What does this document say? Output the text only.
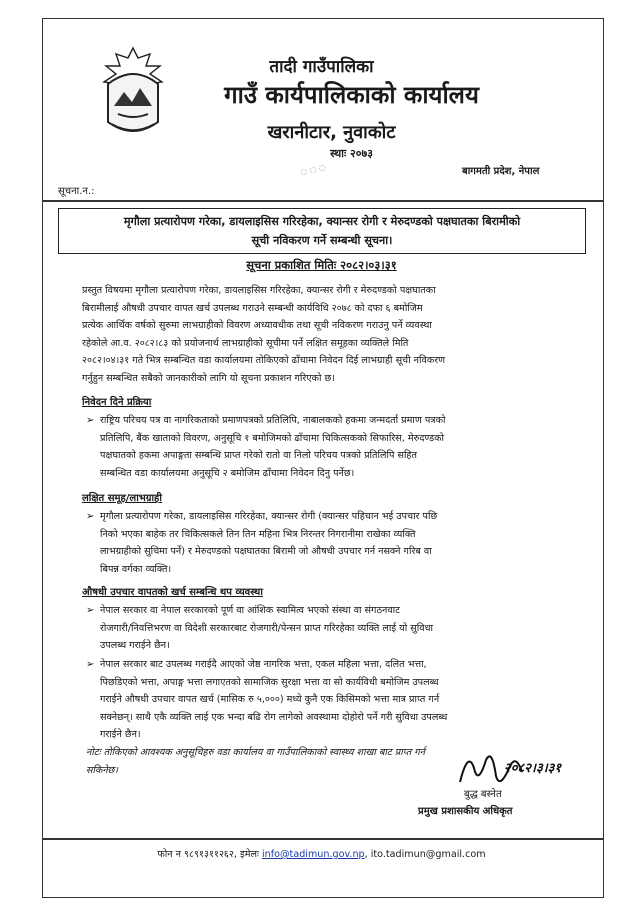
तादी गाउँपालिका
गाउँ कार्यपालिकाको कार्यालय
खरानीटार, नुवाकोट
स्थाः २०७३
बागमती प्रदेश, नेपाल
सूचना.न.:
◌ ◌ ◌
मृगौला प्रत्यारोपण गरेका, डायलाइसिस गरिरहेका, क्यान्सर रोगी र मेरुदण्डको पक्षघातका बिरामीको
सूची नविकरण गर्ने सम्बन्धी सूचना।
सूचना प्रकाशित मितिः २०८२।०३।३१
प्रस्तुत विषयमा मृगौला प्रत्यारोपण गरेका, डायलाइसिस गरिरहेका, क्यान्सर रोगी र मेरुदण्डको पक्षघातका
बिरामीलाई औषधी उपचार वापत खर्च उपलब्ध गराउने सम्बन्धी कार्यविधि २०७८ को दफा ६ बमोजिम
प्रत्येक आर्थिक वर्षको सुरुमा लाभग्राहीको विवरण अध्यावधीक तथा सूची नविकरण गराउनु पर्ने व्यवस्था
रहेकोले आ.व. २०८२।८३ को प्रयोजनार्थ लाभग्राहीको सूचीमा पर्ने लक्षित समूहका व्यक्तिले मिति
२०८२।०४।३१ गते भित्र सम्बन्धित वडा कार्यालयमा तोकिएको ढाँचामा निवेदन दिई लाभग्राही सूची नविकरण
गर्नुहुन सम्बन्धित सबैको जानकारीको लागि यो सूचना प्रकाशन गरिएको छ।
निवेदन दिने प्रक्रिया
➢ राष्ट्रिय परिचय पत्र वा नागरिकताको प्रमाणपत्रको प्रतिलिपि, नाबालकको हकमा जन्मदर्ता प्रमाण पत्रको
प्रतिलिपि, बैंक खाताको विवरण, अनुसूचि १ बमोजिमको ढाँचामा चिकित्सकको सिफारिस, मेरुदण्डको
पक्षघातको हकमा अपाङ्गता सम्बन्धि प्राप्त गरेको रातो वा निलो परिचय पत्रको प्रतिलिपि सहित
सम्बन्धित वडा कार्यालयमा अनुसूचि २ बमोजिम ढाँचामा निवेदन दिनु पर्नेछ।
लक्षित समूह/लाभग्राही
➢ मृगौला प्रत्यारोपण गरेका, डायलाइसिस गरिरहेका, क्यान्सर रोगी (क्यान्सर पहिचान भई उपचार पछि
निको भएका बाहेक तर चिकित्सकले तिन तिन महिना भित्र निरन्तर निगरानीमा राखेका व्यक्ति
लाभग्राहीको सुचिमा पर्ने) र मेरुदण्डको पक्षघातका बिरामी जो औषधी उपचार गर्न नसक्ने गरिब वा
बिपन्न वर्गका व्यक्ति।
औषधी उपचार वापतको खर्च सम्बन्धि थप व्यवस्था
➢ नेपाल सरकार वा नेपाल सरकारको पूर्ण वा आंशिक स्वामित्व भएको संस्था वा संगठनवाट
रोजगारी/निवत्तिभरण वा विदेशी सरकारबाट रोजगारी/पेन्सन प्राप्त गरिरहेका व्यक्ति लाई यो सुविधा
उपलब्ध गराईने छैन।
➢ नेपाल सरकार बाट उपलब्ध गराईदै आएको जेष्ठ नागरिक भत्ता, एकल महिला भत्ता, दलित भत्ता,
पिछडिएको भत्ता, अपाङ्ग भत्ता लगाएतको सामाजिक सुरक्षा भत्ता वा सो कार्यविधी बमोजिम उपलब्ध
गराईने औषधी उपचार वापत खर्च (मासिक रु ५,०००) मध्ये कुनै एक किसिमको भत्ता मात्र प्राप्त गर्न
सक्नेछन्। साथै एकै व्यक्ति लाई एक भन्दा बढि रोग लागेको अवस्थामा दोहोरो पर्ने गरी सुविधा उपलब्ध
गराईने छैन।
नोटः तोकिएको आवश्यक अनुसूचिहरु वडा कार्यालय वा गाउँपालिकाको स्वास्थ्य शाखा बाट प्राप्त गर्न
सकिनेछ।	२०८२।३।३१
बुद्ध बस्नेत
प्रमुख प्रशासकीय अधिकृत
फोन न ९८९१३११२६२, इमेलः info@tadimun.gov.np, ito.tadimun@gmail.com
